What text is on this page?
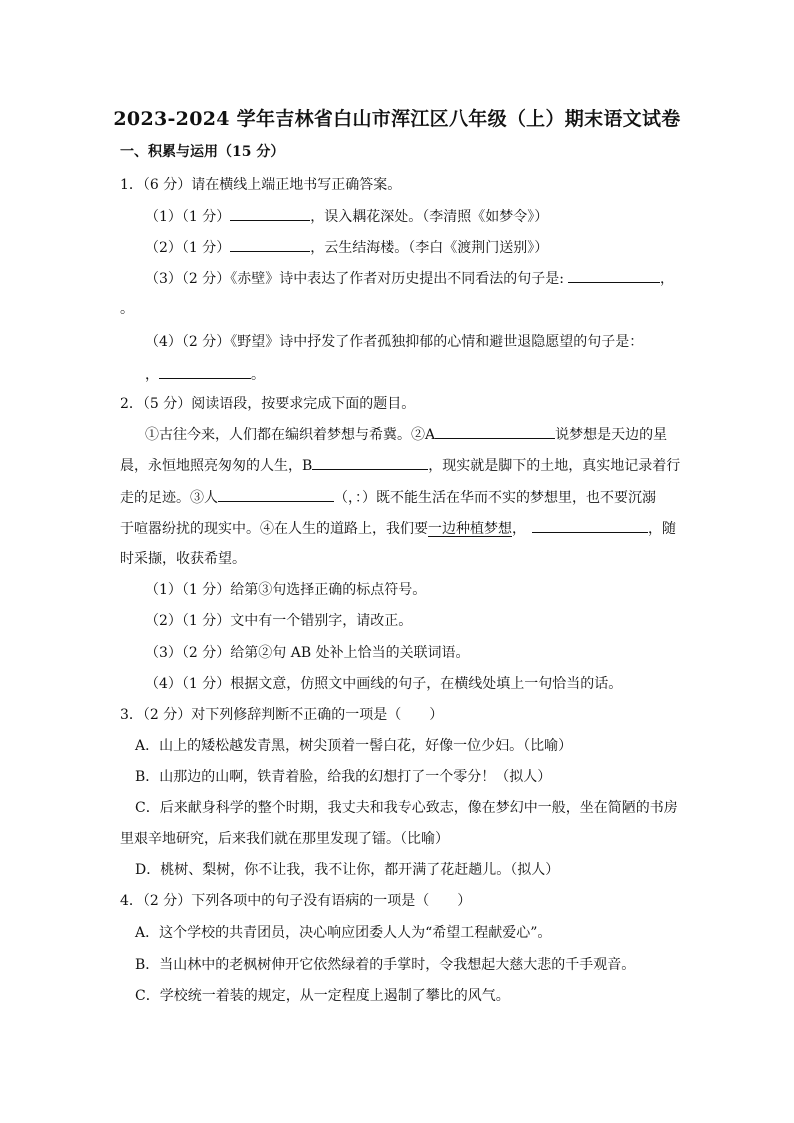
2023-2024 学年吉林省白山市浑江区八年级（上）期末语文试卷
一、积累与运用（15 分）
1．（6 分）请在横线上端正地书写正确答案。
（1）（1 分）	，误入耦花深处。（李清照《如梦令》）
（2）（1 分）	，云生结海楼。（李白《渡荆门送别》）
（3）（2 分）《赤壁》诗中表达了作者对历史提出不同看法的句子是:	，
。
（4）（2 分）《野望》诗中抒发了作者孤独抑郁的心情和避世退隐愿望的句子是：
，	。
2．（5 分）阅读语段，按要求完成下面的题目。
①古往今来，人们都在编织着梦想与希冀。②A	说梦想是天边的星
晨，永恒地照亮匆匆的人生，B	，现实就是脚下的土地，真实地记录着行
走的足迹。③人	（，：）既不能生活在华而不实的梦想里，也不要沉溺
于喧嚣纷扰的现实中。④在人生的道路上，我们要一边种植梦想，	，随
时采撷，收获希望。
（1）（1 分）给第③句选择正确的标点符号。
（2）（1 分）文中有一个错别字，请改正。
（3）（2 分）给第②句 AB 处补上恰当的关联词语。
（4）（1 分）根据文意，仿照文中画线的句子，在横线处填上一句恰当的话。
3．（2 分）对下列修辞判断不正确的一项是（　　）
A．山上的矮松越发青黑，树尖顶着一髻白花，好像一位少妇。（比喻）
B．山那边的山啊，铁青着脸，给我的幻想打了一个零分！（拟人）
C．后来献身科学的整个时期，我丈夫和我专心致志，像在梦幻中一般，坐在简陋的书房
里艰辛地研究，后来我们就在那里发现了镭。（比喻）
D．桃树、梨树，你不让我，我不让你，都开满了花赶趟儿。（拟人）
4．（2 分）下列各项中的句子没有语病的一项是（　　）
A．这个学校的共青团员，决心响应团委人人为“希望工程献爱心”。
B．当山林中的老枫树伸开它依然绿着的手掌时，令我想起大慈大悲的千手观音。
C．学校统一着装的规定，从一定程度上遏制了攀比的风气。
